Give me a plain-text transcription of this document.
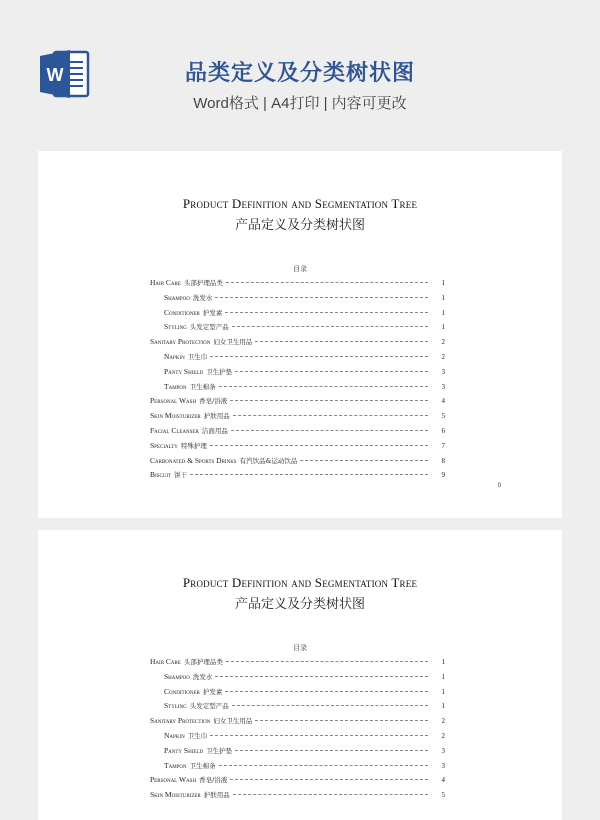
W	品类定义及分类树状图

Word格式 | A4打印 | 内容可更改

Product Definition and Segmentation Tree
产品定义及分类树状图
目录
Hair Care 头部护理品类	1
Shampoo 洗发水	1
Conditioner 护发素	1
Styling 头发定型产品	1
Sanitary Protection 妇女卫生用品	2
Napkin 卫生巾	2
Panty Shield 卫生护垫	3
Tampon 卫生棉条	3
Personal Wash 香皂/浴液	4
Skin Moisturizer 护肤用品	5
Facial Cleanser 洁面用品	6
Specialty 特殊护理	7
Carbonated & Sports Drinks 有汽饮品&运动饮品	8
Biscuit 饼干	9
0
Product Definition and Segmentation Tree
产品定义及分类树状图
目录
Hair Care 头部护理品类	1
Shampoo 洗发水	1
Conditioner 护发素	1
Styling 头发定型产品	1
Sanitary Protection 妇女卫生用品	2
Napkin 卫生巾	2
Panty Shield 卫生护垫	3
Tampon 卫生棉条	3
Personal Wash 香皂/浴液	4
Skin Moisturizer 护肤用品	5
